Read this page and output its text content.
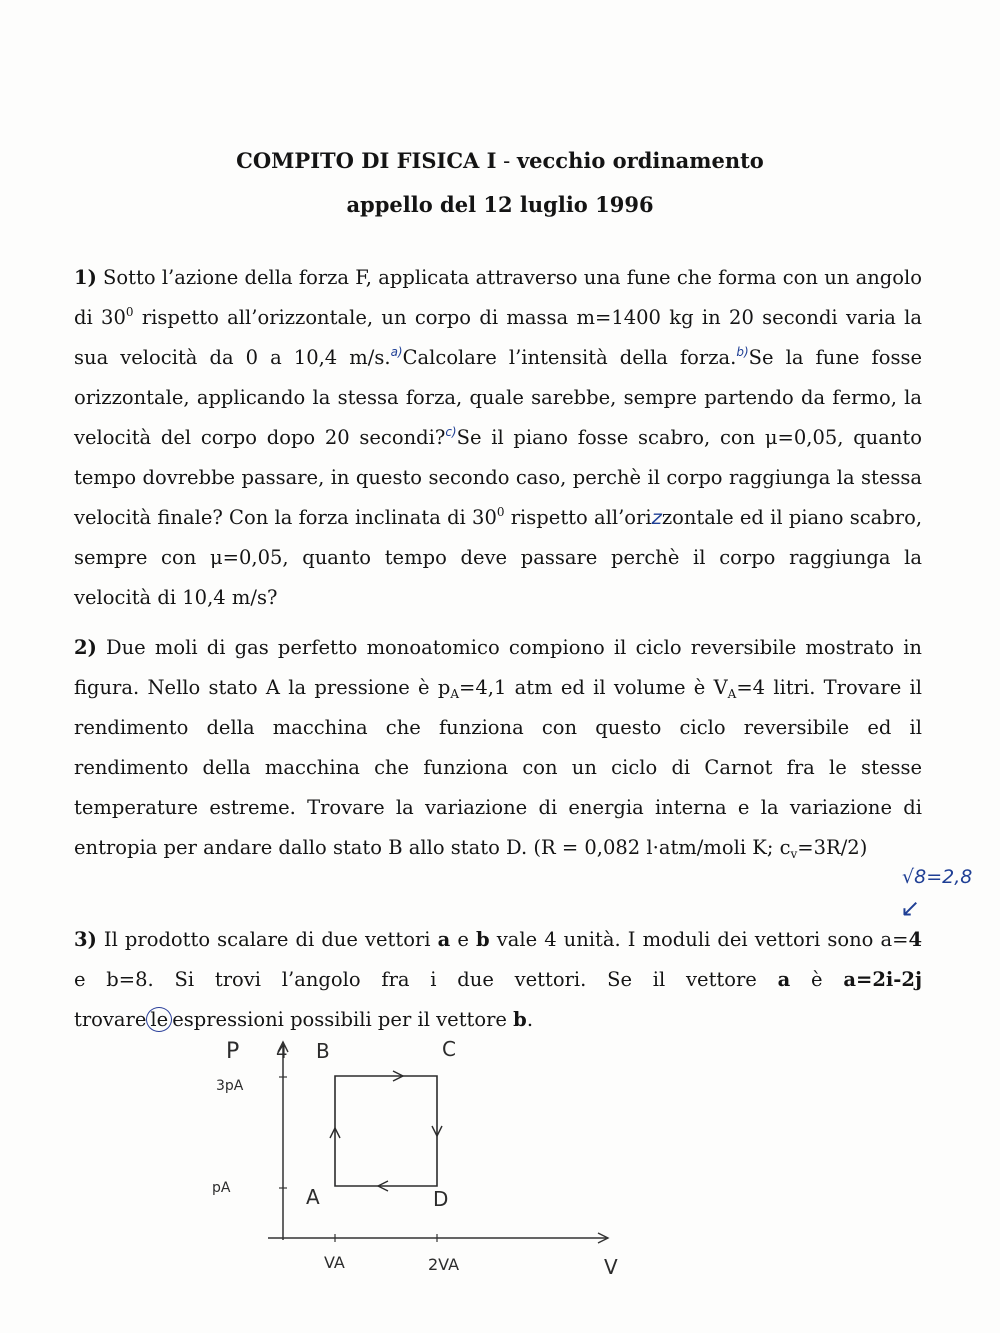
COMPITO DI FISICA I - vecchio ordinamento
appello del 12 luglio 1996
1) Sotto l’azione della forza F, applicata attraverso una fune che forma con un angolo di $30^0$ rispetto all’orizzontale, un corpo di massa m=1400 kg in 20 secondi varia la sua velocità da 0 a 10,4 m/s.$^{a)}$Calcolare l’intensità della forza.$^{b)}$Se la fune fosse orizzontale, applicando la stessa forza, quale sarebbe, sempre partendo da fermo, la velocità del corpo dopo 20 secondi?$^{c)}$Se il piano fosse scabro, con μ=0,05, quanto tempo dovrebbe passare, in questo secondo caso, perchè il corpo raggiunga la stessa velocità finale? Con la forza inclinata di $30^0$ rispetto all’orizzontale ed il piano scabro, sempre con μ=0,05, quanto tempo deve passare perchè il corpo raggiunga la velocità di 10,4 m/s?
2) Due moli di gas perfetto monoatomico compiono il ciclo reversibile mostrato in figura. Nello stato A la pressione è $p_A=4,1$ atm ed il volume è $V_A=4$ litri. Trovare il rendimento della macchina che funziona con questo ciclo reversibile ed il rendimento della macchina che funziona con un ciclo di Carnot fra le stesse temperature estreme. Trovare la variazione di energia interna e la variazione di entropia per andare dallo stato B allo stato D. (R = 0,082 l·atm/moli K; $c_v=3R/2$)
√8=2,8
↙
3) Il prodotto scalare di due vettori a e b vale 4 unità. I moduli dei vettori sono a=4 e b=8. Si trovi l’angolo fra i due vettori. Se il vettore a è a=2i-2j trovare le espressioni possibili per il vettore b.
P 4
3pA
pA
B	C
A	D
VA	2VA	V
